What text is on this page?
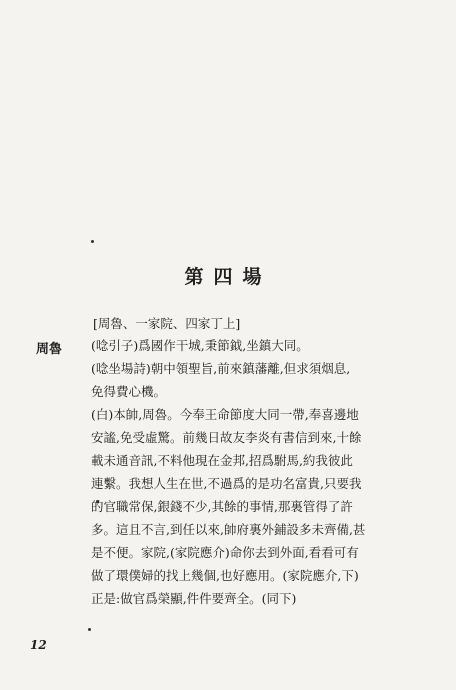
第四場
[周魯、一家院、四家丁上]
周魯 (唸引子)爲國作干城,秉節鉞,坐鎮大同。
(唸坐場詩)朝中領聖旨,前來鎮藩離,但求須烟息,
免得費心機。
(白)本帥,周魯。今奉王命節度大同一帶,奉喜邊地
安謐,免受虛驚。前幾日故友李炎有書信到來,十餘
載未通音訊,不料他現在金邦,招爲駙馬,約我彼此
連繫。我想人生在世,不過爲的是功名富貴,只要我
的官職常保,銀錢不少,其餘的事情,那裏管得了許
多。這且不言,到任以來,帥府裏外鋪設多未齊備,甚
是不便。家院,(家院應介)命你去到外面,看看可有
做了環僕婦的找上幾個,也好應用。(家院應介,下)
正是:做官爲榮顯,件件要齊全。(同下)
12
